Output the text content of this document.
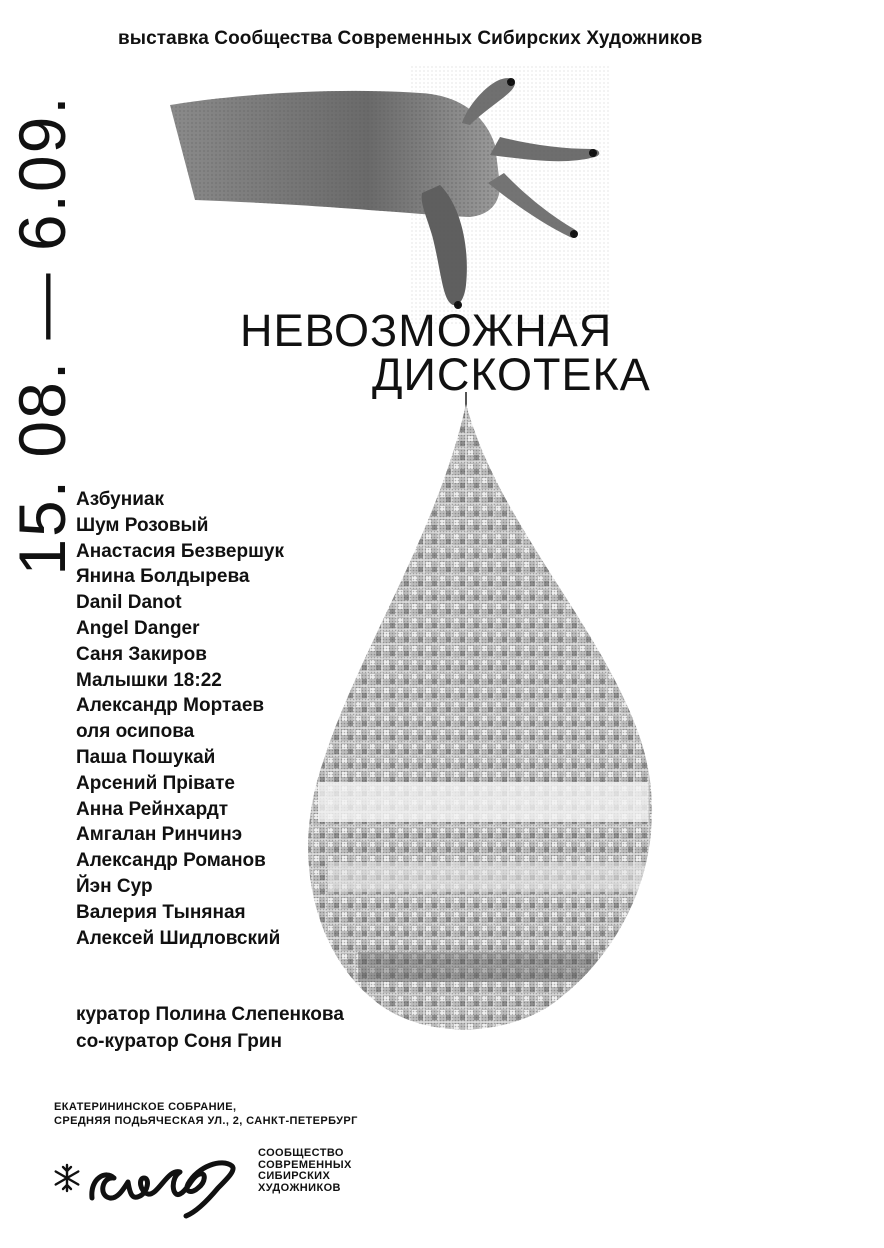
15. 08. — 6.09.
выставка Сообщества Современных Сибирских Художников
НЕВОЗМОЖНАЯ
ДИСКОТЕКА
Азбуниак
Шум Розовый
Анастасия Безвершук
Янина Болдырева
Danil Danot
Angel Danger
Саня Закиров
Малышки 18:22
Александр Мортаев
оля осипова
Паша Пошукай
Арсений Прівате
Анна Рейнхардт
Амгалан Ринчинэ
Александр Романов
Йэн Сур
Валерия Тыняная
Алексей Шидловский
куратор Полина Слепенкова
со-куратор Соня Грин
ЕКАТЕРИНИНСКОЕ СОБРАНИЕ,
СРЕДНЯЯ ПОДЬЯЧЕСКАЯ УЛ., 2, САНКТ-ПЕТЕРБУРГ
СООБЩЕСТВО
СОВРЕМЕННЫХ
СИБИРСКИХ
ХУДОЖНИКОВ
